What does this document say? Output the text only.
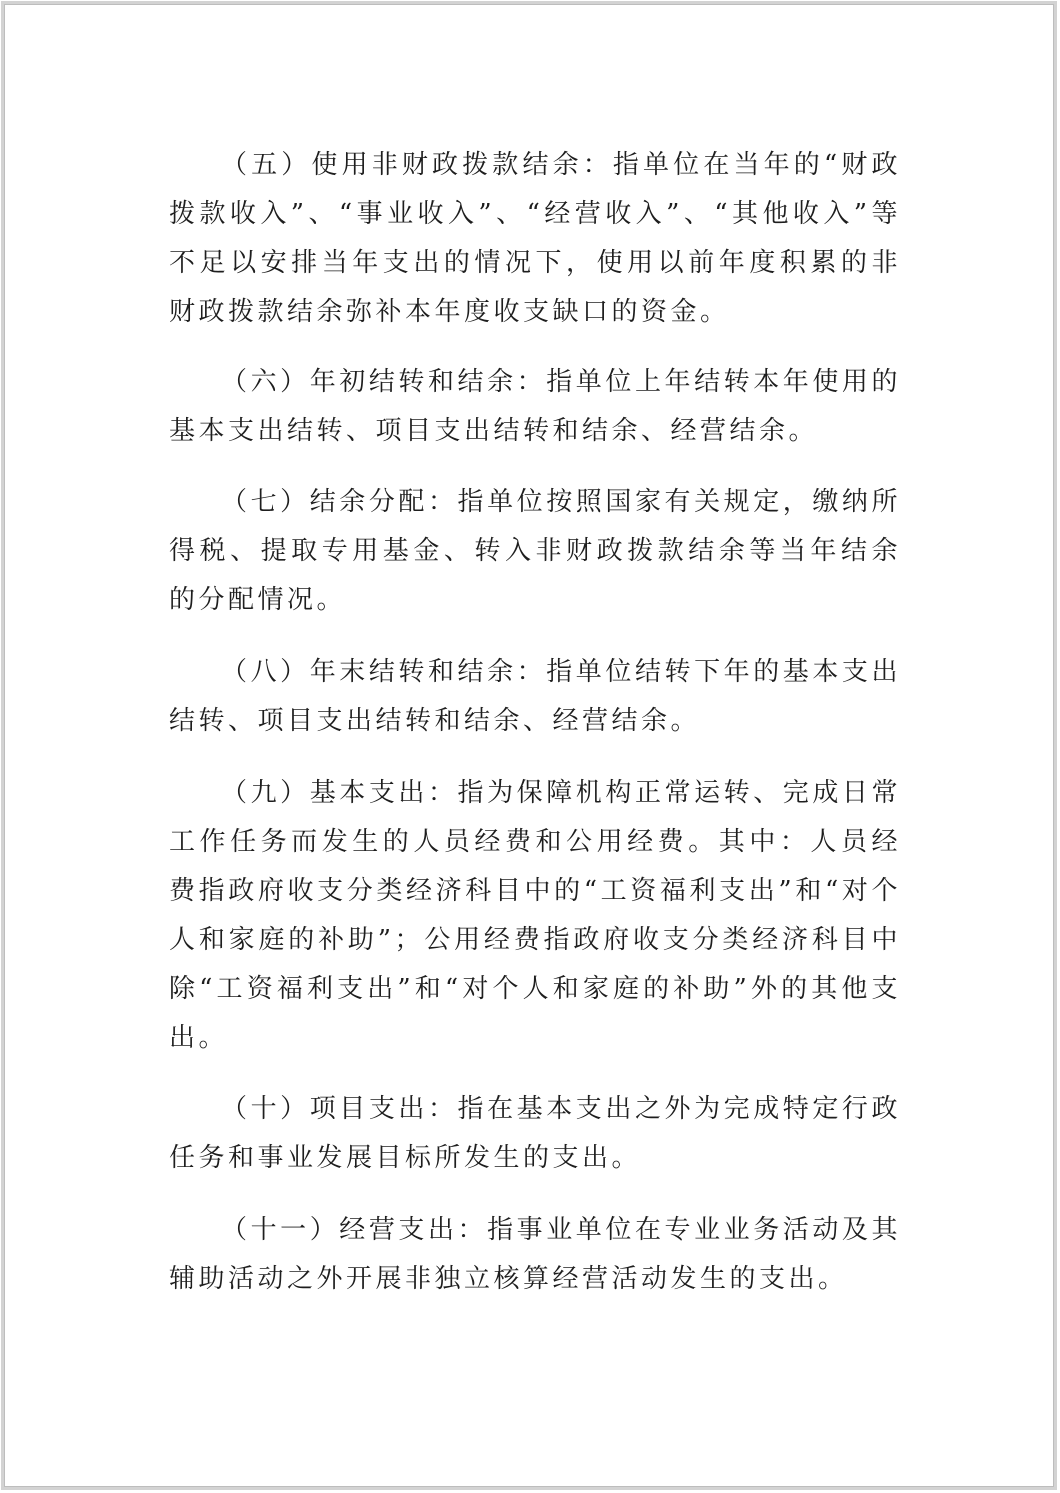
（五）使用非财政拨款结余：指单位在当年的“财政拨款收入”、“事业收入”、“经营收入”、“其他收入”等不足以安排当年支出的情况下，使用以前年度积累的非财政拨款结余弥补本年度收支缺口的资金。

（六）年初结转和结余：指单位上年结转本年使用的基本支出结转、项目支出结转和结余、经营结余。

（七）结余分配：指单位按照国家有关规定，缴纳所得税、提取专用基金、转入非财政拨款结余等当年结余的分配情况。

（八）年末结转和结余：指单位结转下年的基本支出结转、项目支出结转和结余、经营结余。

（九）基本支出：指为保障机构正常运转、完成日常工作任务而发生的人员经费和公用经费。其中：人员经费指政府收支分类经济科目中的“工资福利支出”和“对个人和家庭的补助”；公用经费指政府收支分类经济科目中除“工资福利支出”和“对个人和家庭的补助”外的其他支出。

（十）项目支出：指在基本支出之外为完成特定行政任务和事业发展目标所发生的支出。

（十一）经营支出：指事业单位在专业业务活动及其辅助活动之外开展非独立核算经营活动发生的支出。
